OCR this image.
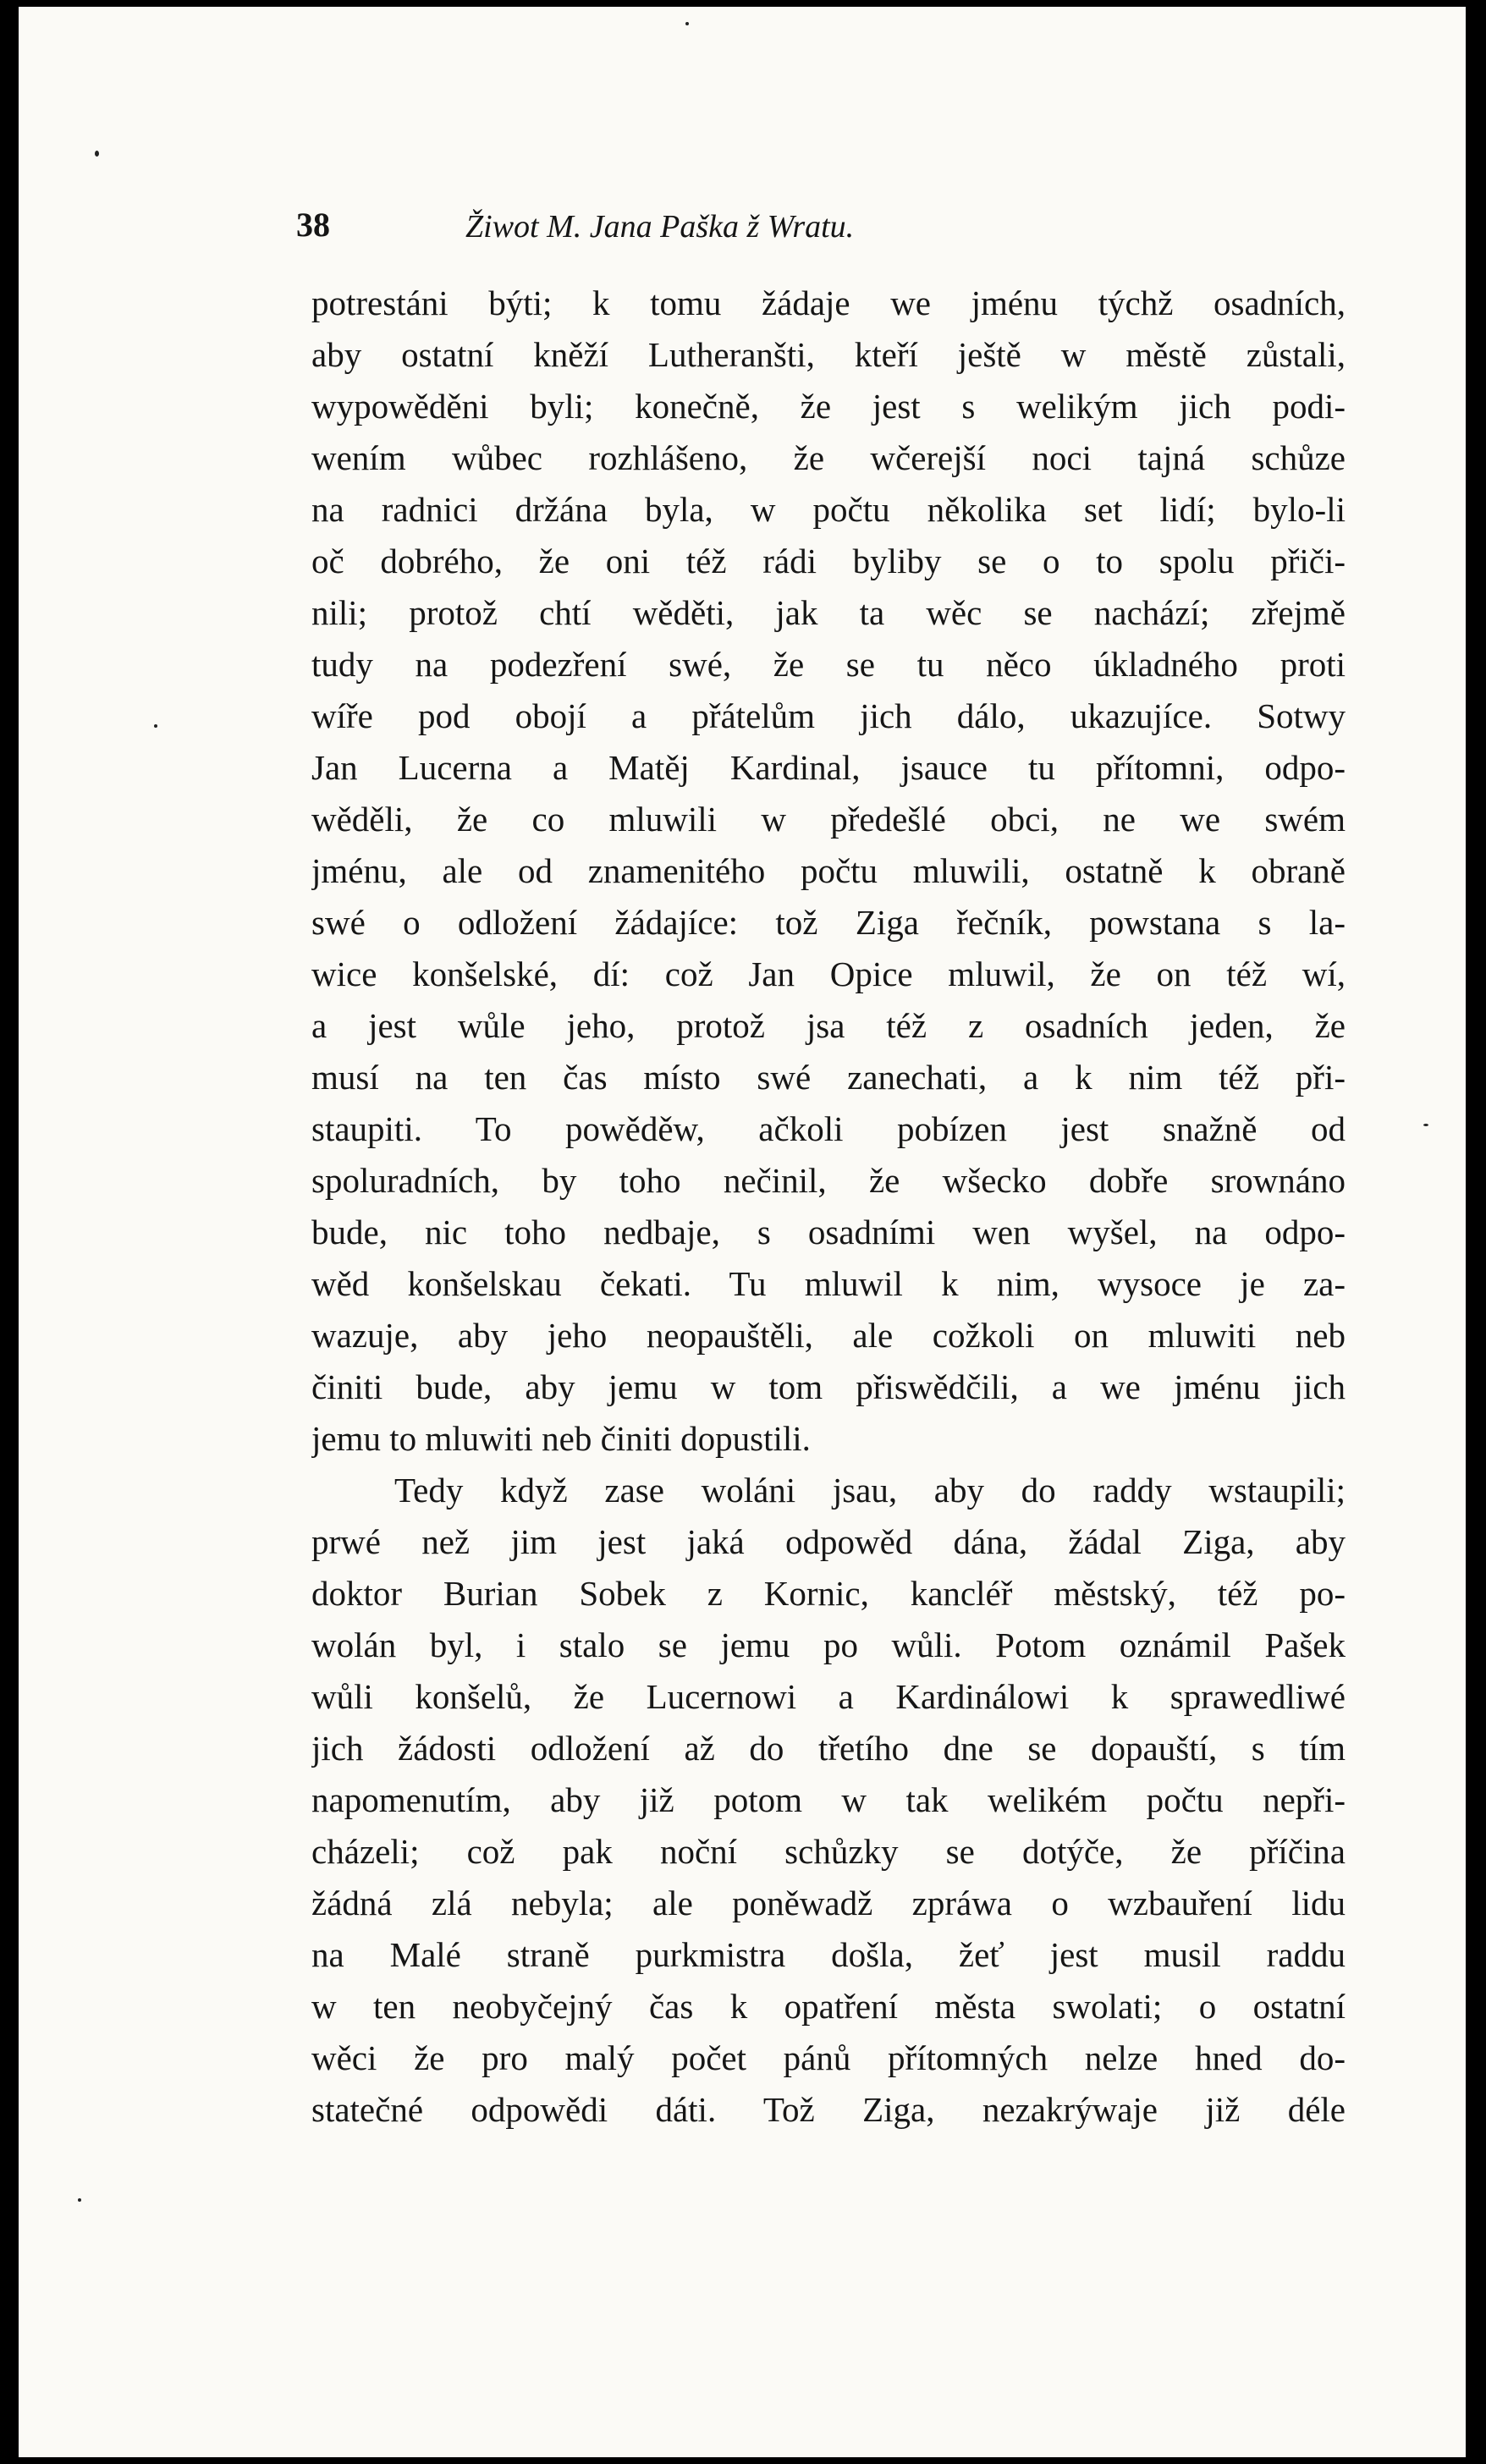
38	Žiwot M. Jana Paška ž Wratu.
potrestáni býti; k tomu žádaje we jménu týchž osadních,
aby ostatní kněží Lutheranšti, kteří ještě w městě zůstali,
wypowěděni byli; konečně, že jest s welikým jich podi-
wením wůbec rozhlášeno, že wčerejší noci tajná schůze
na radnici držána byla, w počtu několika set lidí; bylo-li
oč dobrého, že oni též rádi byliby se o to spolu přiči-
nili; protož chtí wěděti, jak ta wěc se nachází; zřejmě
tudy na podezření swé, že se tu něco úkladného proti
wíře pod obojí a přátelům jich dálo, ukazujíce. Sotwy
Jan Lucerna a Matěj Kardinal, jsauce tu přítomni, odpo-
wěděli, že co mluwili w předešlé obci, ne we swém
jménu, ale od znamenitého počtu mluwili, ostatně k obraně
swé o odložení žádajíce: tož Ziga řečník, powstana s la-
wice konšelské, dí: což Jan Opice mluwil, že on též wí,
a jest wůle jeho, protož jsa též z osadních jeden, že
musí na ten čas místo swé zanechati, a k nim též při-
staupiti. To powěděw, ačkoli pobízen jest snažně od
spoluradních, by toho nečinil, že wšecko dobře srownáno
bude, nic toho nedbaje, s osadními wen wyšel, na odpo-
wěd konšelskau čekati. Tu mluwil k nim, wysoce je za-
wazuje, aby jeho neopauštěli, ale cožkoli on mluwiti neb
činiti bude, aby jemu w tom přiswědčili, a we jménu jich
jemu to mluwiti neb činiti dopustili.
Tedy když zase woláni jsau, aby do raddy wstaupili;
prwé než jim jest jaká odpowěd dána, žádal Ziga, aby
doktor Burian Sobek z Kornic, kancléř městský, též po-
wolán byl, i stalo se jemu po wůli. Potom oznámil Pašek
wůli konšelů, že Lucernowi a Kardinálowi k sprawedliwé
jich žádosti odložení až do třetího dne se dopauští, s tím
napomenutím, aby již potom w tak welikém počtu nepři-
cházeli; což pak noční schůzky se dotýče, že příčina
žádná zlá nebyla; ale poněwadž zpráwa o wzbauření lidu
na Malé straně purkmistra došla, žeť jest musil raddu
w ten neobyčejný čas k opatření města swolati; o ostatní
wěci že pro malý počet pánů přítomných nelze hned do-
statečné odpowědi dáti. Tož Ziga, nezakrýwaje již déle
